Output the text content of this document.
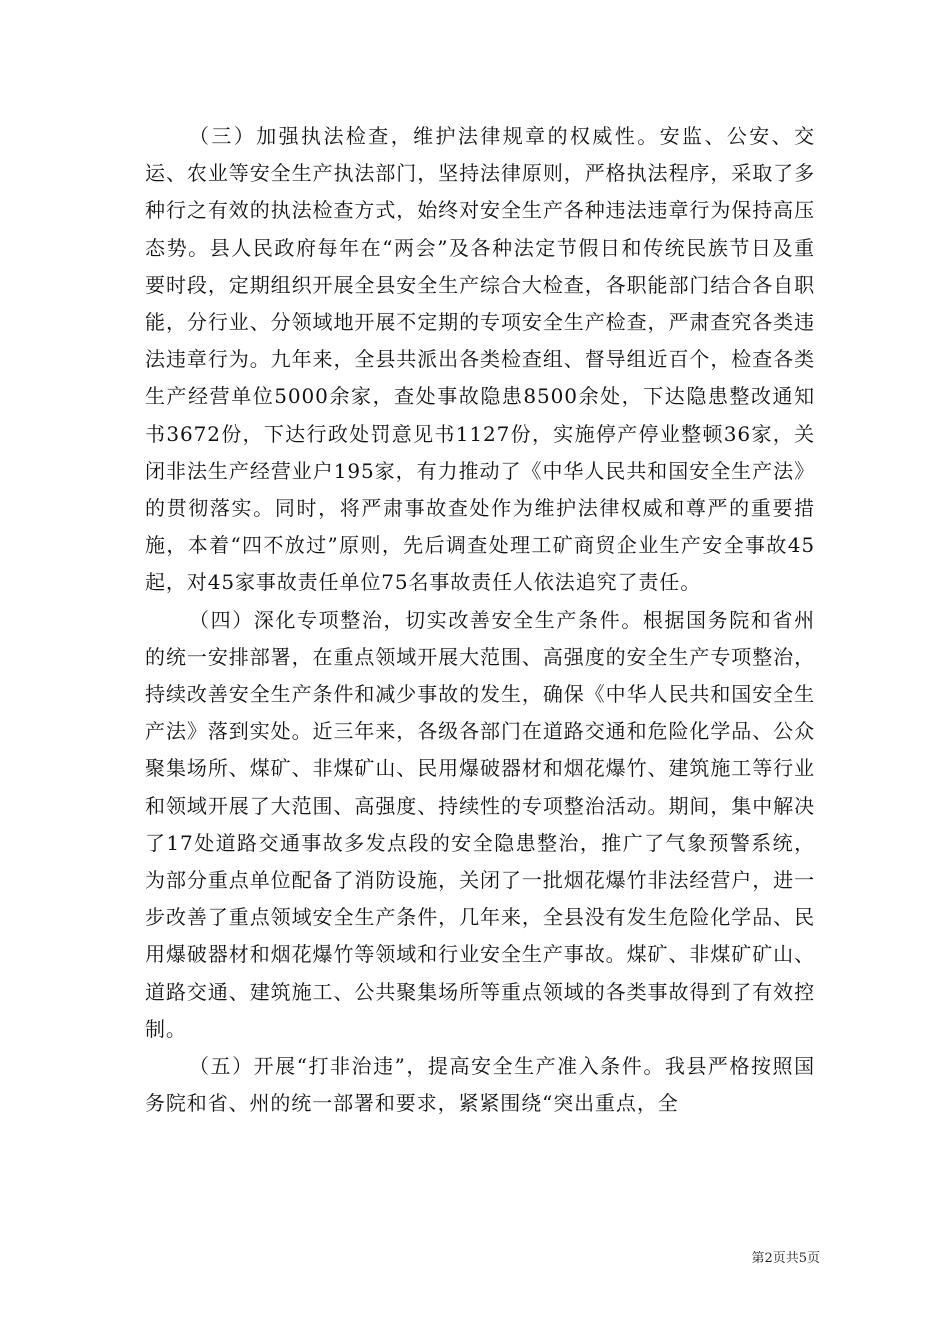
（三）加强执法检查，维护法律规章的权威性。安监、公安、交运、农业等安全生产执法部门，坚持法律原则，严格执法程序，采取了多种行之有效的执法检查方式，始终对安全生产各种违法违章行为保持高压态势。县人民政府每年在“两会”及各种法定节假日和传统民族节日及重要时段，定期组织开展全县安全生产综合大检查，各职能部门结合各自职能，分行业、分领域地开展不定期的专项安全生产检查，严肃查究各类违法违章行为。九年来，全县共派出各类检查组、督导组近百个，检查各类生产经营单位5000余家，查处事故隐患8500余处，下达隐患整改通知书3672份，下达行政处罚意见书1127份，实施停产停业整顿36家，关闭非法生产经营业户195家，有力推动了《中华人民共和国安全生产法》的贯彻落实。同时，将严肃事故查处作为维护法律权威和尊严的重要措施，本着“四不放过”原则，先后调查处理工矿商贸企业生产安全事故45起，对45家事故责任单位75名事故责任人依法追究了责任。

（四）深化专项整治，切实改善安全生产条件。根据国务院和省州的统一安排部署，在重点领域开展大范围、高强度的安全生产专项整治，持续改善安全生产条件和减少事故的发生，确保《中华人民共和国安全生产法》落到实处。近三年来，各级各部门在道路交通和危险化学品、公众聚集场所、煤矿、非煤矿山、民用爆破器材和烟花爆竹、建筑施工等行业和领域开展了大范围、高强度、持续性的专项整治活动。期间，集中解决了17处道路交通事故多发点段的安全隐患整治，推广了气象预警系统，为部分重点单位配备了消防设施，关闭了一批烟花爆竹非法经营户，进一步改善了重点领域安全生产条件，几年来，全县没有发生危险化学品、民用爆破器材和烟花爆竹等领域和行业安全生产事故。煤矿、非煤矿矿山、道路交通、建筑施工、公共聚集场所等重点领域的各类事故得到了有效控制。

（五）开展“打非治违”，提高安全生产准入条件。我县严格按照国务院和省、州的统一部署和要求，紧紧围绕“突出重点，全

第2页共5页
